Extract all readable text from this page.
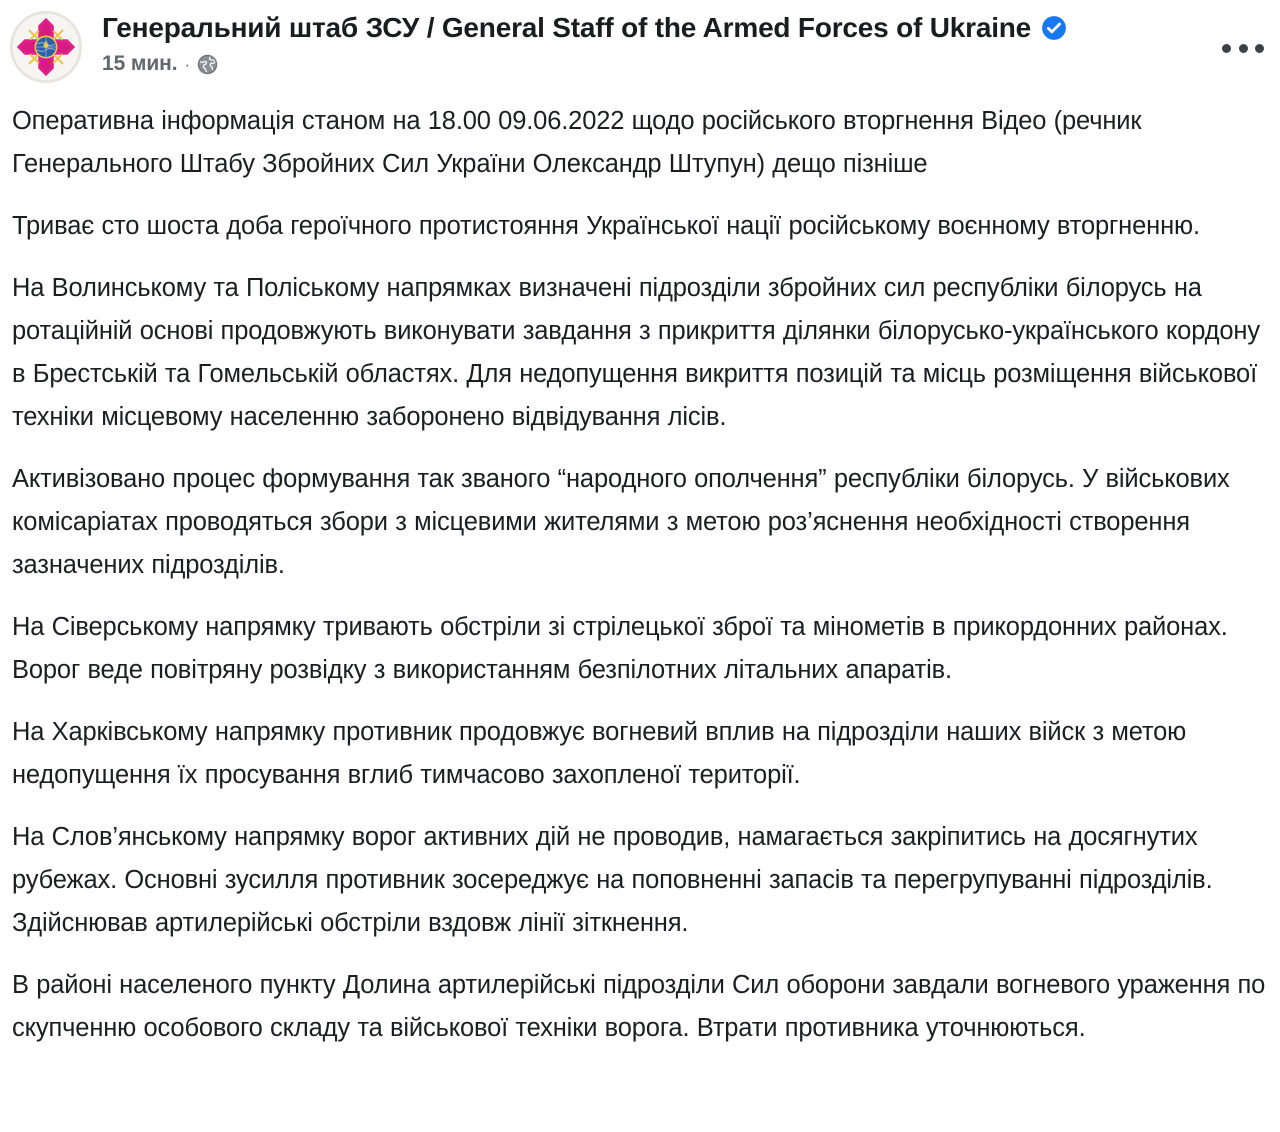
Генеральний штаб ЗСУ / General Staff of the Armed Forces of Ukraine
15 мин. ·

Оперативна інформація станом на 18.00 09.06.2022 щодо російського вторгнення Відео (речник Генерального Штабу Збройних Сил України Олександр Штупун) дещо пізніше

Триває сто шоста доба героїчного протистояння Української нації російському воєнному вторгненню.

На Волинському та Поліському напрямках визначені підрозділи збройних сил республіки білорусь на ротаційній основі продовжують виконувати завдання з прикриття ділянки білорусько-українського кордону в Брестській та Гомельській областях. Для недопущення викриття позицій та місць розміщення військової техніки місцевому населенню заборонено відвідування лісів.

Активізовано процес формування так званого “народного ополчення” республіки білорусь. У військових комісаріатах проводяться збори з місцевими жителями з метою роз’яснення необхідності створення зазначених підрозділів.

На Сіверському напрямку тривають обстріли зі стрілецької зброї та мінометів в прикордонних районах. Ворог веде повітряну розвідку з використанням безпілотних літальних апаратів.

На Харківському напрямку противник продовжує вогневий вплив на підрозділи наших війск з метою недопущення їх просування вглиб тимчасово захопленої території.

На Слов’янському напрямку ворог активних дій не проводив, намагається закріпитись на досягнутих рубежах. Основні зусилля противник зосереджує на поповненні запасів та перегрупуванні підрозділів. Здійснював артилерійські обстріли вздовж лінії зіткнення.

В районі населеного пункту Долина артилерійські підрозділи Сил оборони завдали вогневого ураження по скупченню особового складу та військової техніки ворога. Втрати противника уточнюються.
